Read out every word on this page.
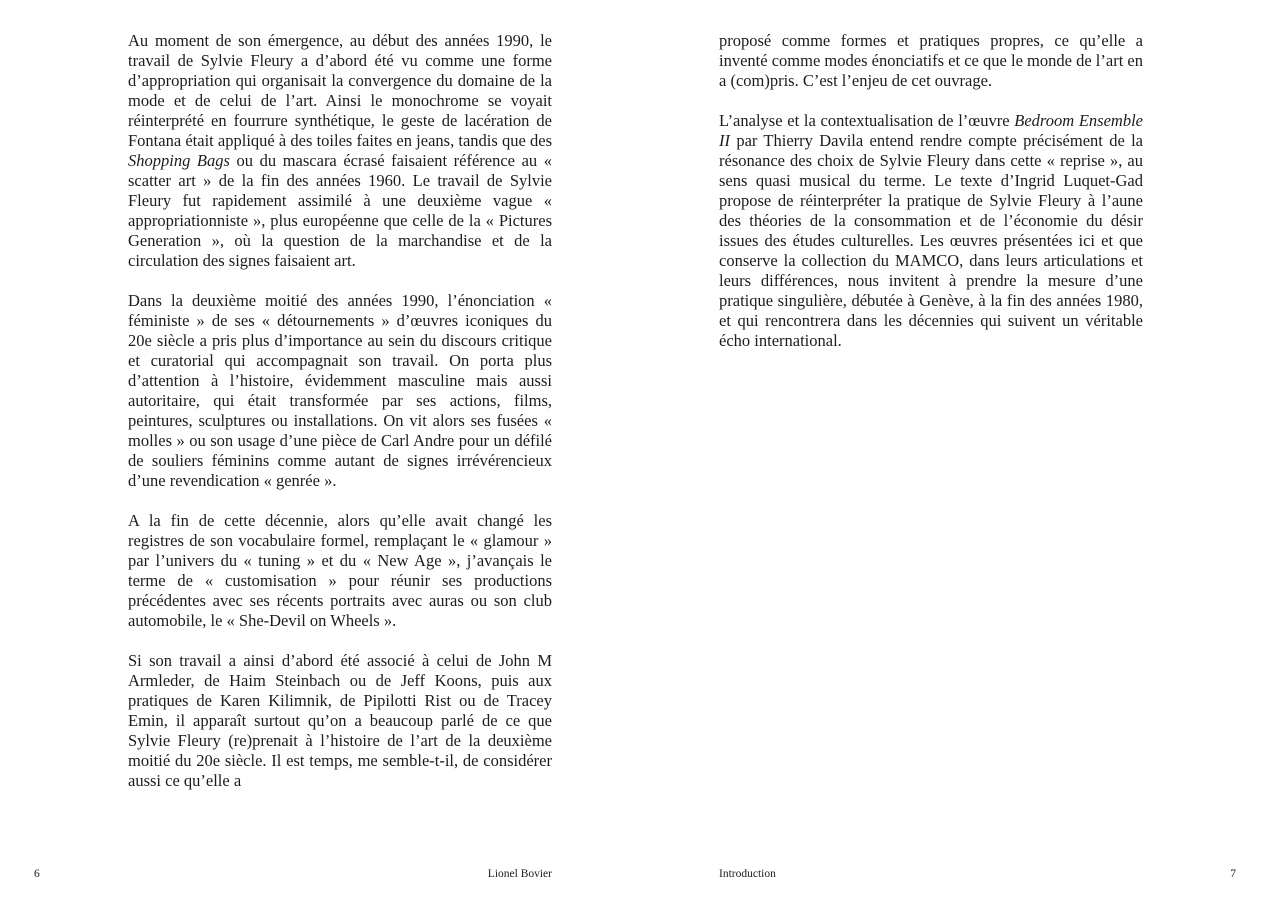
Au moment de son émergence, au début des années 1990, le travail de Sylvie Fleury a d’abord été vu comme une forme d’appropriation qui organisait la convergence du domaine de la mode et de celui de l’art. Ainsi le monochrome se voyait réinterprété en fourrure synthétique, le geste de lacération de Fontana était appliqué à des toiles faites en jeans, tandis que des Shopping Bags ou du mascara écrasé faisaient référence au « scatter art » de la fin des années 1960. Le travail de Sylvie Fleury fut rapidement assimilé à une deuxième vague « appropriationniste », plus européenne que celle de la « Pictures Generation », où la question de la marchandise et de la circulation des signes faisaient art.

Dans la deuxième moitié des années 1990, l’énonciation « féministe » de ses « détournements » d’œuvres iconiques du 20e siècle a pris plus d’importance au sein du discours critique et curatorial qui accompagnait son travail. On porta plus d’attention à l’histoire, évidemment masculine mais aussi autoritaire, qui était transformée par ses actions, films, peintures, sculptures ou installations. On vit alors ses fusées « molles » ou son usage d’une pièce de Carl Andre pour un défilé de souliers féminins comme autant de signes irrévérencieux d’une revendication « genrée ».

A la fin de cette décennie, alors qu’elle avait changé les registres de son vocabulaire formel, remplaçant le « glamour » par l’univers du « tuning » et du « New Age », j’avançais le terme de « customisation » pour réunir ses productions précédentes avec ses récents portraits avec auras ou son club automobile, le « She-Devil on Wheels ».

Si son travail a ainsi d’abord été associé à celui de John M Armleder, de Haim Steinbach ou de Jeff Koons, puis aux pratiques de Karen Kilimnik, de Pipilotti Rist ou de Tracey Emin, il apparaît surtout qu’on a beaucoup parlé de ce que Sylvie Fleury (re)prenait à l’histoire de l’art de la deuxième moitié du 20e siècle. Il est temps, me semble-t-il, de considérer aussi ce qu’elle a

proposé comme formes et pratiques propres, ce qu’elle a inventé comme modes énonciatifs et ce que le monde de l’art en a (com)pris. C’est l’enjeu de cet ouvrage.

L’analyse et la contextualisation de l’œuvre Bedroom Ensemble II par Thierry Davila entend rendre compte précisément de la résonance des choix de Sylvie Fleury dans cette « reprise », au sens quasi musical du terme. Le texte d’Ingrid Luquet-Gad propose de réinterpréter la pratique de Sylvie Fleury à l’aune des théories de la consommation et de l’économie du désir issues des études culturelles. Les œuvres présentées ici et que conserve la collection du MAMCO, dans leurs articulations et leurs différences, nous invitent à prendre la mesure d’une pratique singulière, débutée à Genève, à la fin des années 1980, et qui rencontrera dans les décennies qui suivent un véritable écho international.

6	Lionel Bovier	Introduction	7
